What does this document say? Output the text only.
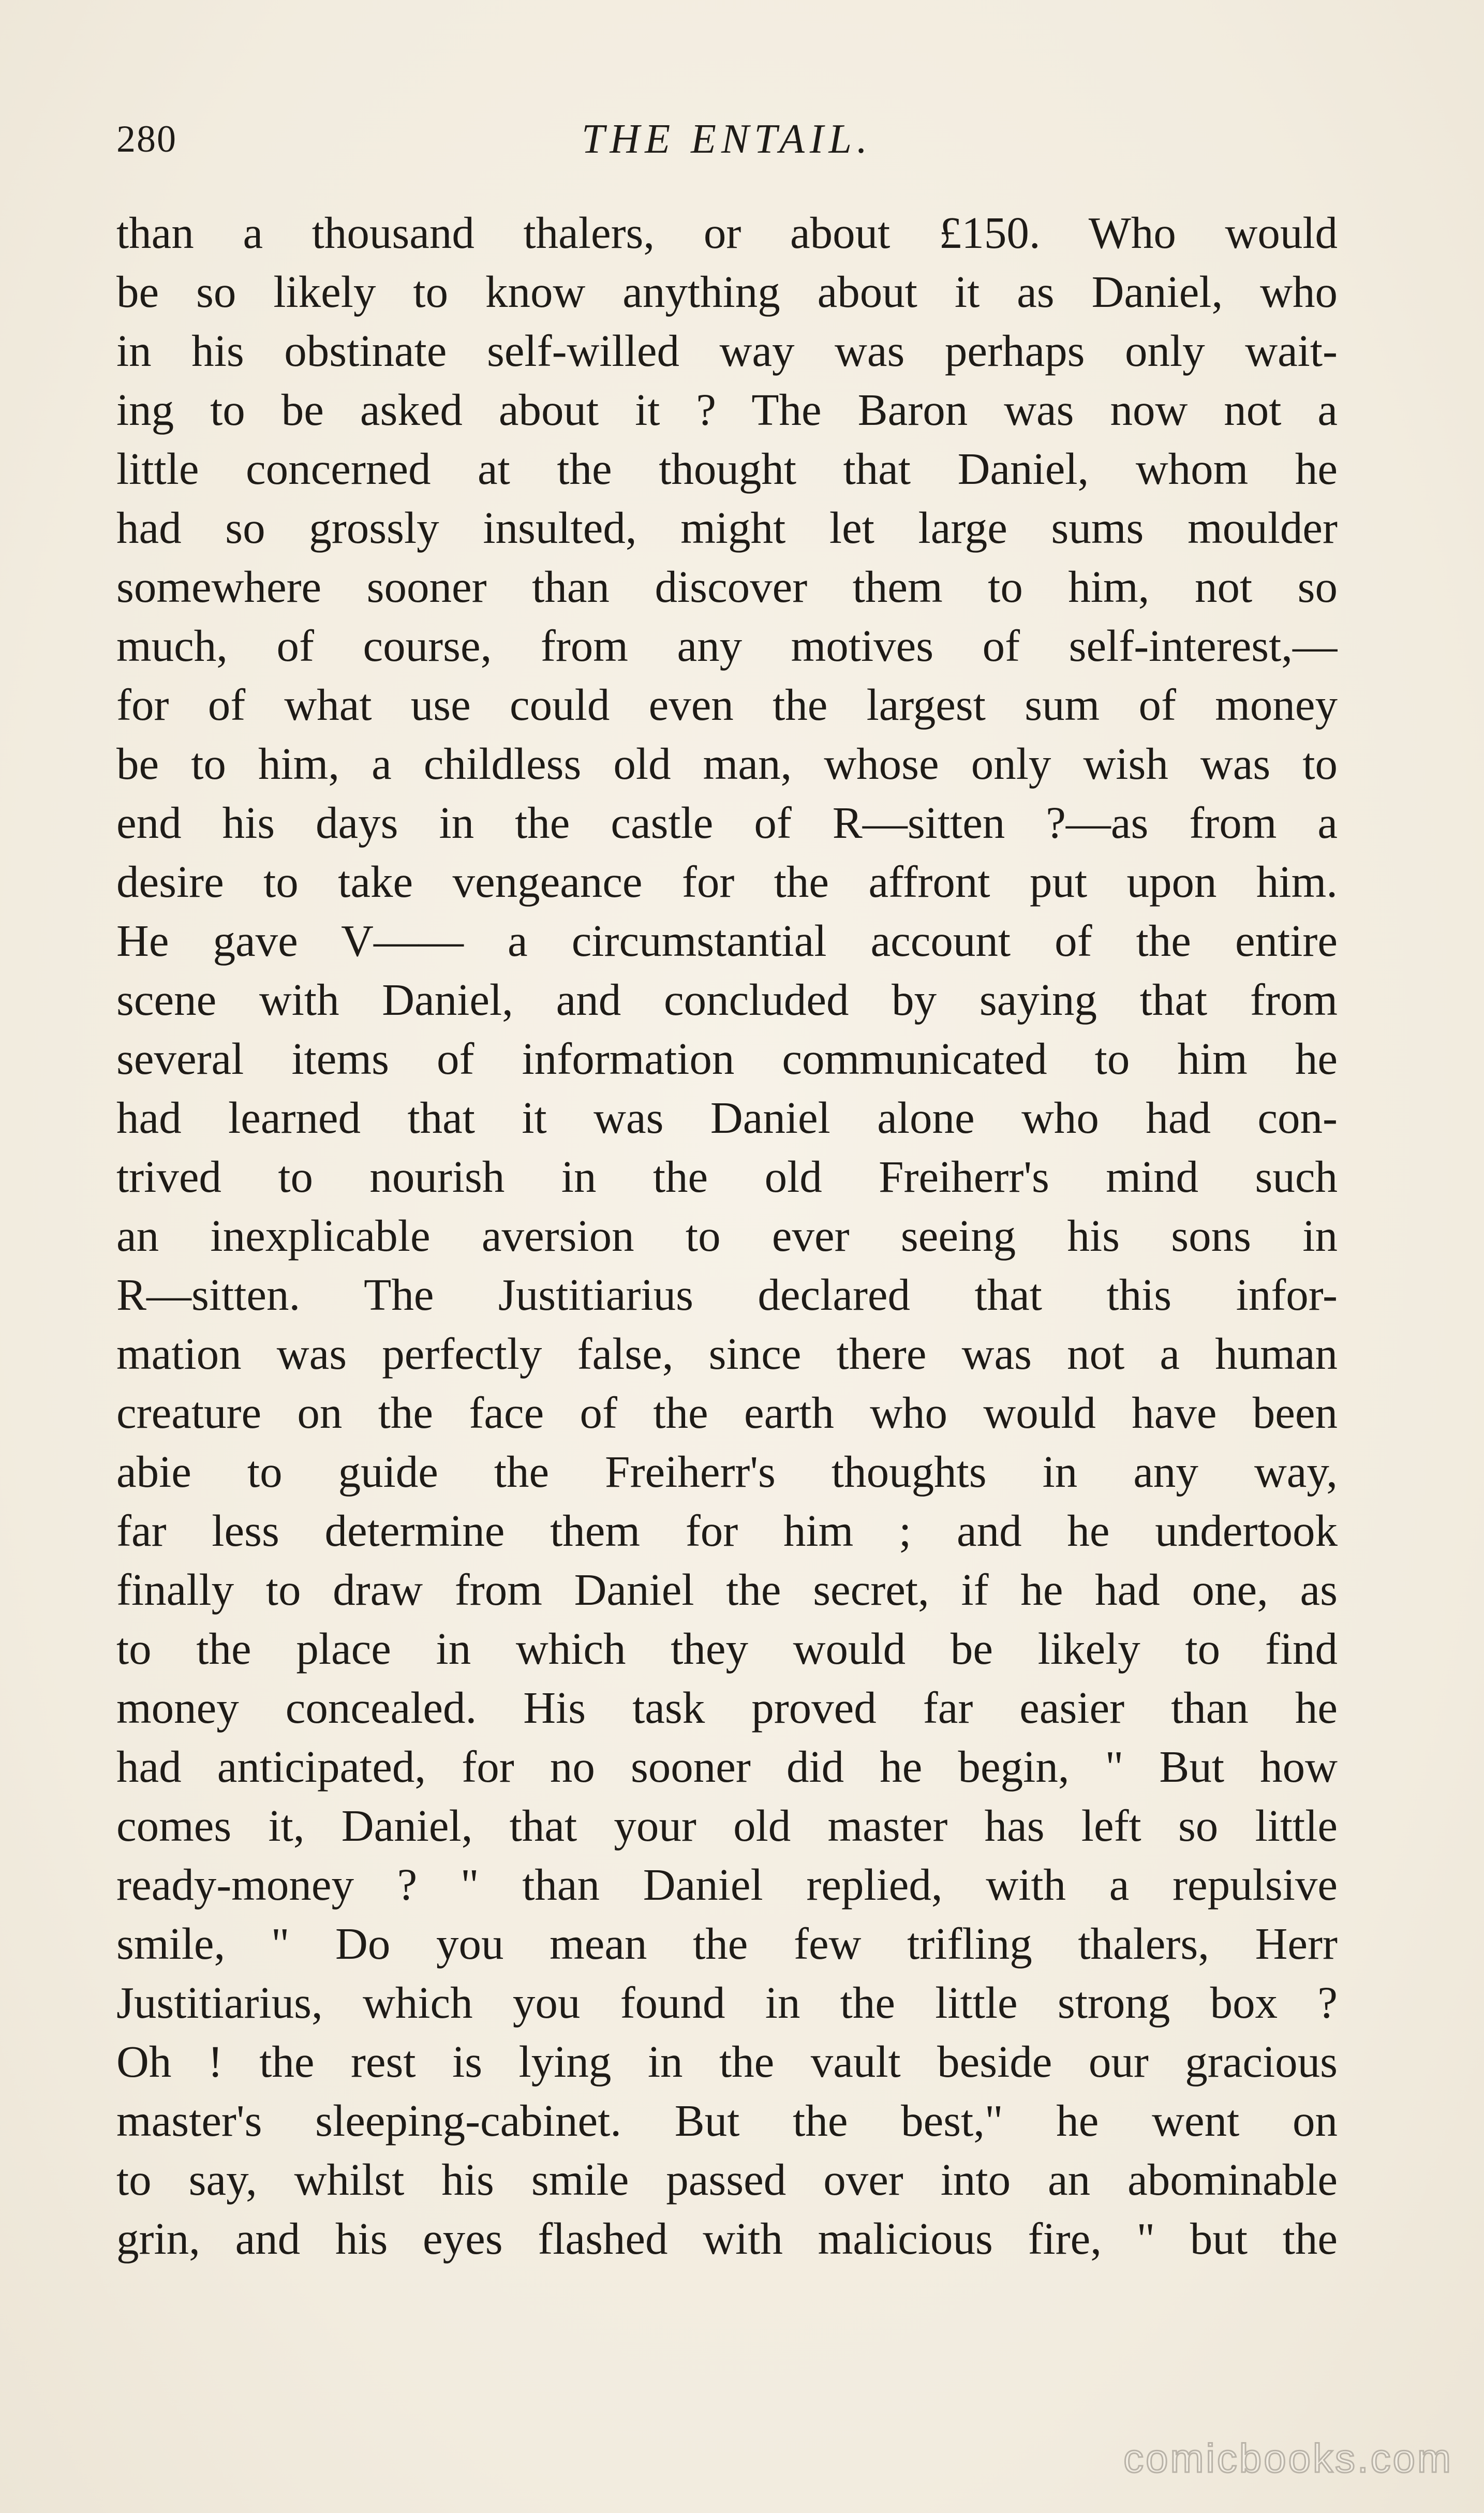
280	THE ENTAIL.
than a thousand thalers, or about £150. Who would
be so likely to know anything about it as Daniel, who
in his obstinate self-willed way was perhaps only wait-
ing to be asked about it ? The Baron was now not a
little concerned at the thought that Daniel, whom he
had so grossly insulted, might let large sums moulder
somewhere sooner than discover them to him, not so
much, of course, from any motives of self-interest,—
for of what use could even the largest sum of money
be to him, a childless old man, whose only wish was to
end his days in the castle of R—sitten ?—as from a
desire to take vengeance for the affront put upon him.
He gave V—— a circumstantial account of the entire
scene with Daniel, and concluded by saying that from
several items of information communicated to him he
had learned that it was Daniel alone who had con-
trived to nourish in the old Freiherr's mind such
an inexplicable aversion to ever seeing his sons in
R—sitten. The Justitiarius declared that this infor-
mation was perfectly false, since there was not a human
creature on the face of the earth who would have been
abie to guide the Freiherr's thoughts in any way,
far less determine them for him ; and he undertook
finally to draw from Daniel the secret, if he had one, as
to the place in which they would be likely to find
money concealed. His task proved far easier than he
had anticipated, for no sooner did he begin, " But how
comes it, Daniel, that your old master has left so little
ready-money ? " than Daniel replied, with a repulsive
smile, " Do you mean the few trifling thalers, Herr
Justitiarius, which you found in the little strong box ?
Oh ! the rest is lying in the vault beside our gracious
master's sleeping-cabinet. But the best," he went on
to say, whilst his smile passed over into an abominable
grin, and his eyes flashed with malicious fire, " but the
comicbooks.com
